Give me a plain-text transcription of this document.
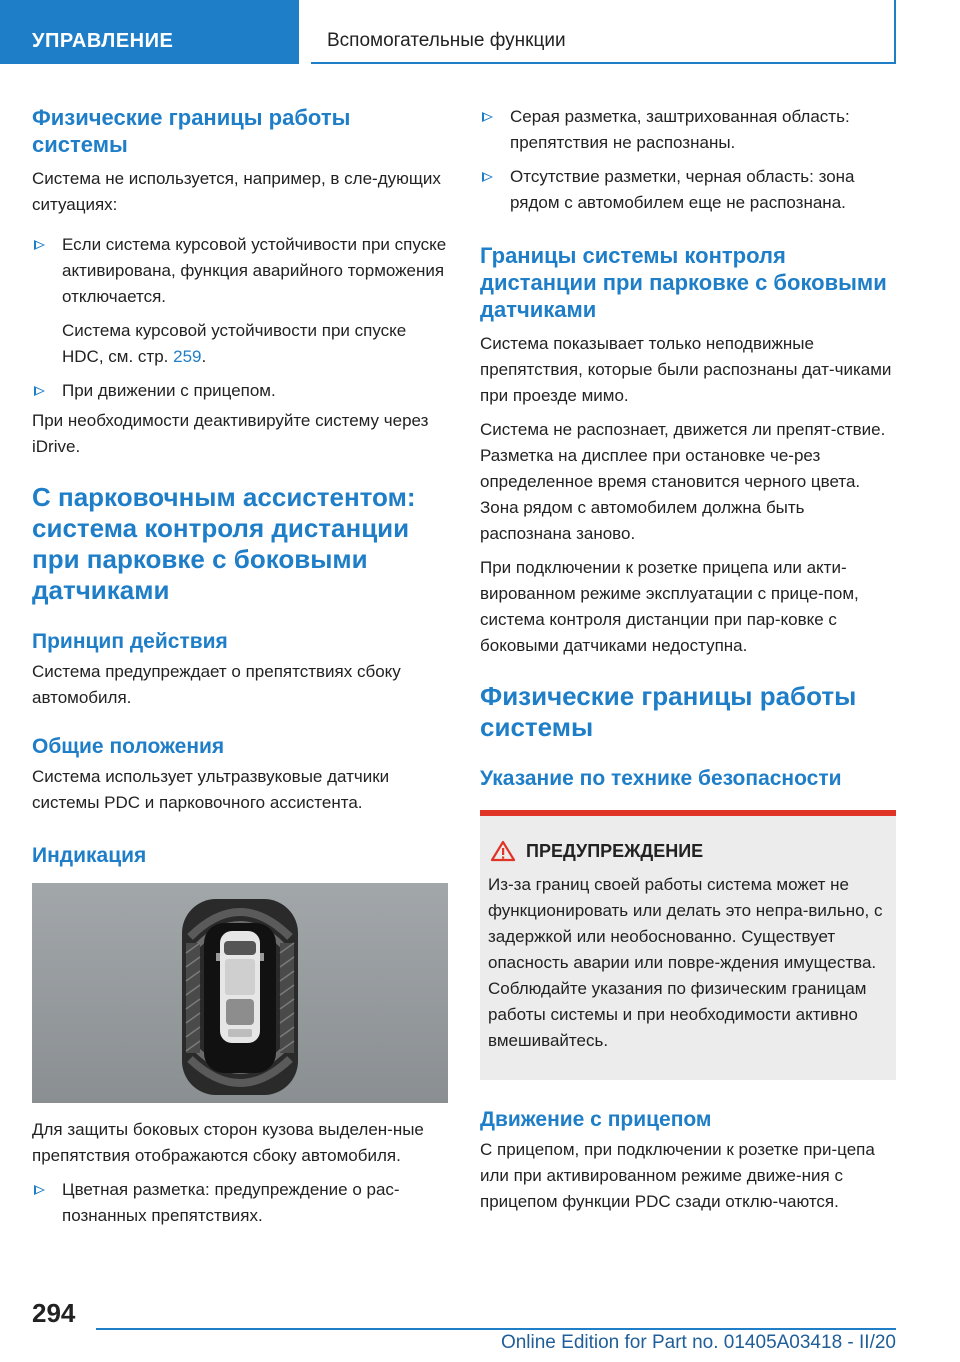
УПРАВЛЕНИЕ	Вспомогательные функции
Физические границы работы системы
Система не используется, например, в сле-дующих ситуациях:
Если система курсовой устойчивости при спуске активирована, функция аварийного торможения отключается.
Система курсовой устойчивости при спуске HDC, см. стр. 259.
При движении с прицепом.
При необходимости деактивируйте систему через iDrive.
С парковочным ассистентом: система контроля дистанции при парковке с боковыми датчиками
Принцип действия
Система предупреждает о препятствиях сбоку автомобиля.
Общие положения
Система использует ультразвуковые датчики системы PDC и парковочного ассистента.
Индикация
Для защиты боковых сторон кузова выделен-ные препятствия отображаются сбоку автомобиля.
Цветная разметка: предупреждение о рас-познанных препятствиях.
Серая разметка, заштрихованная область: препятствия не распознаны.
Отсутствие разметки, черная область: зона рядом с автомобилем еще не распознана.
Границы системы контроля дистанции при парковке с боковыми датчиками
Система показывает только неподвижные препятствия, которые были распознаны дат-чиками при проезде мимо.
Система не распознает, движется ли препят-ствие. Разметка на дисплее при остановке че-рез определенное время становится черного цвета. Зона рядом с автомобилем должна быть распознана заново.
При подключении к розетке прицепа или акти-вированном режиме эксплуатации с прице-пом, система контроля дистанции при пар-ковке с боковыми датчиками недоступна.
Физические границы работы системы
Указание по технике безопасности
ПРЕДУПРЕЖДЕНИЕ
Из-за границ своей работы система может не функционировать или делать это непра-вильно, с задержкой или необоснованно. Существует опасность аварии или повре-ждения имущества. Соблюдайте указания по физическим границам работы системы и при необходимости активно вмешивайтесь.
Движение с прицепом
С прицепом, при подключении к розетке при-цепа или при активированном режиме движе-ния с прицепом функции PDC сзади отклю-чаются.
294
Online Edition for Part no. 01405A03418 - II/20
